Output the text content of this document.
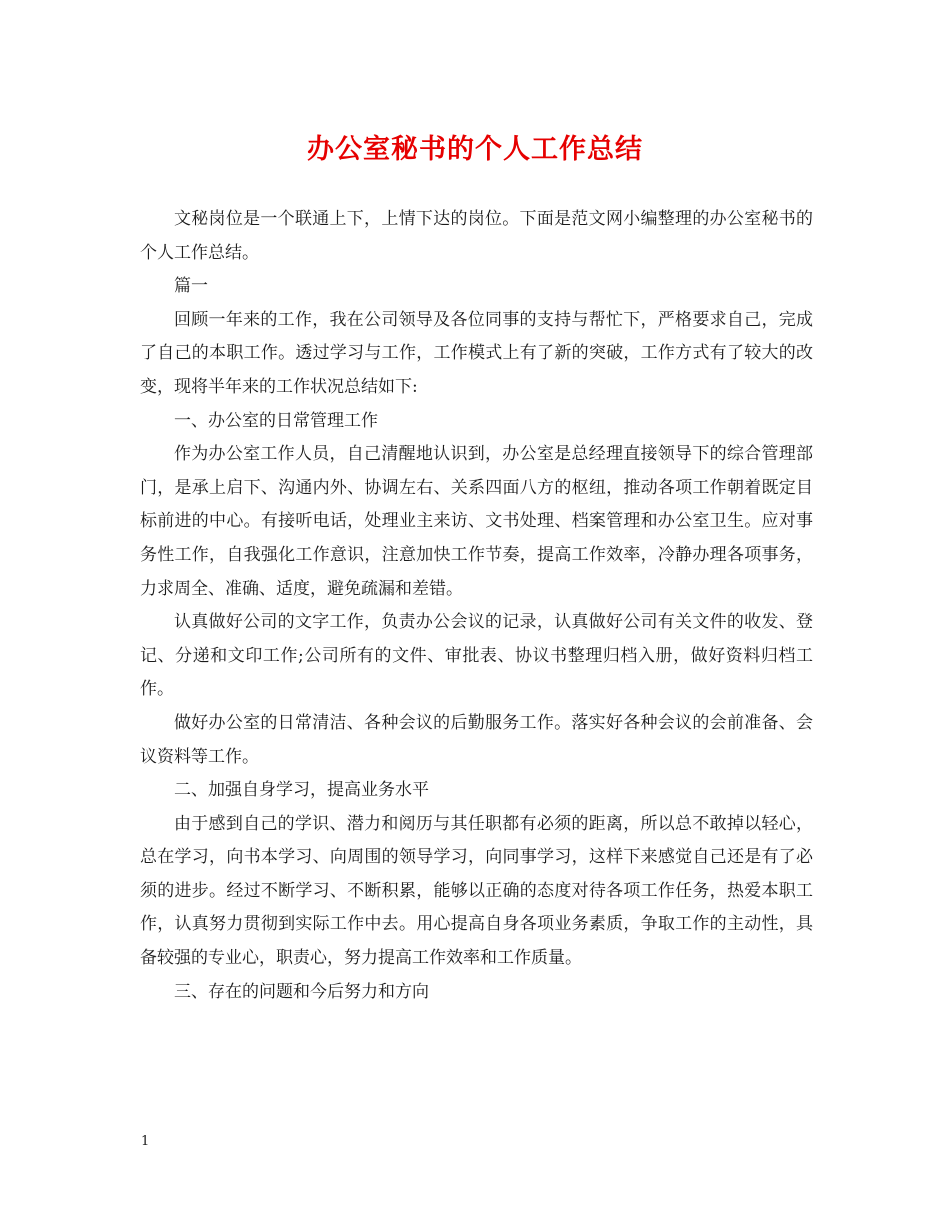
办公室秘书的个人工作总结

文秘岗位是一个联通上下，上情下达的岗位。下面是范文网小编整理的办公室秘书的个人工作总结。

篇一

回顾一年来的工作，我在公司领导及各位同事的支持与帮忙下，严格要求自己，完成了自己的本职工作。透过学习与工作，工作模式上有了新的突破，工作方式有了较大的改变，现将半年来的工作状况总结如下:

一、办公室的日常管理工作

作为办公室工作人员，自己清醒地认识到，办公室是总经理直接领导下的综合管理部门，是承上启下、沟通内外、协调左右、关系四面八方的枢纽，推动各项工作朝着既定目标前进的中心。有接听电话，处理业主来访、文书处理、档案管理和办公室卫生。应对事务性工作，自我强化工作意识，注意加快工作节奏，提高工作效率，冷静办理各项事务，力求周全、准确、适度，避免疏漏和差错。

认真做好公司的文字工作，负责办公会议的记录，认真做好公司有关文件的收发、登记、分递和文印工作;公司所有的文件、审批表、协议书整理归档入册，做好资料归档工作。

做好办公室的日常清洁、各种会议的后勤服务工作。落实好各种会议的会前准备、会议资料等工作。

二、加强自身学习，提高业务水平

由于感到自己的学识、潜力和阅历与其任职都有必须的距离，所以总不敢掉以轻心，总在学习，向书本学习、向周围的领导学习，向同事学习，这样下来感觉自己还是有了必须的进步。经过不断学习、不断积累，能够以正确的态度对待各项工作任务，热爱本职工作，认真努力贯彻到实际工作中去。用心提高自身各项业务素质，争取工作的主动性，具备较强的专业心，职责心，努力提高工作效率和工作质量。

三、存在的问题和今后努力和方向

1
